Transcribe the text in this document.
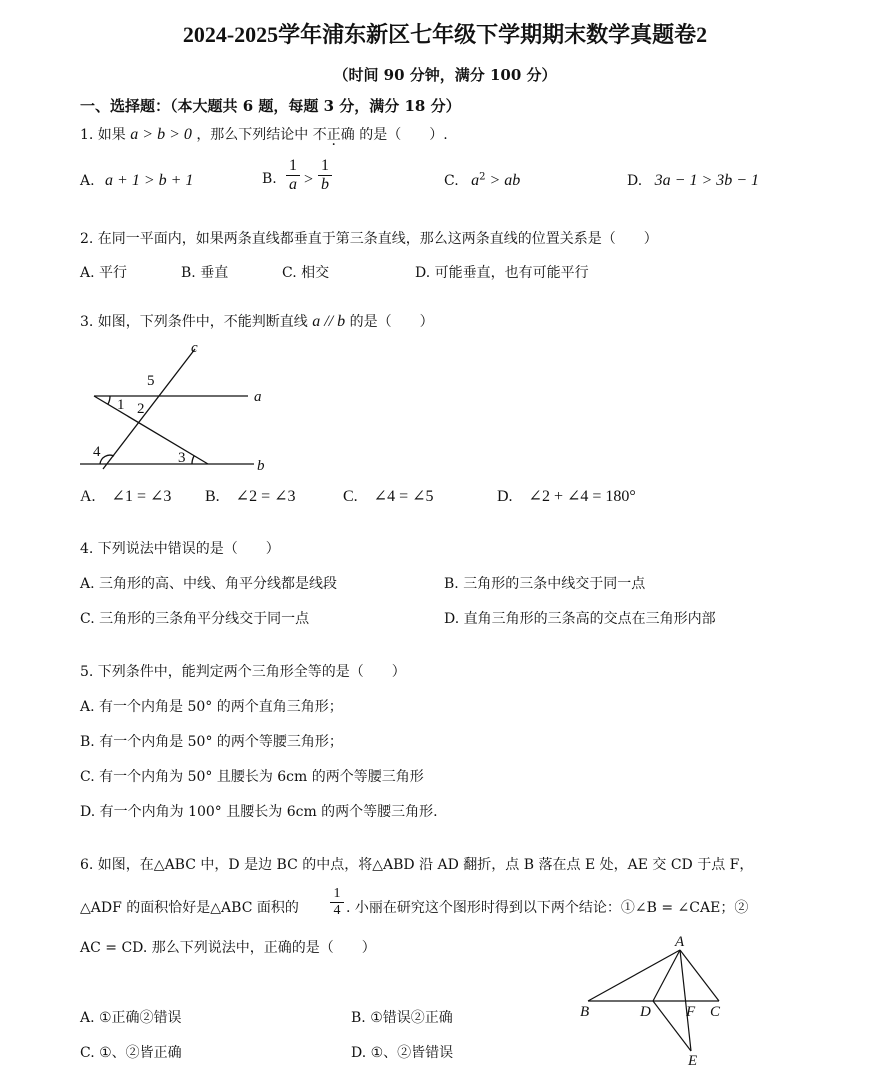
2024-2025学年浦东新区七年级下学期期末数学真题卷2
（时间 90 分钟，满分 100 分）
一、选择题：（本大题共 6 题，每题 3 分，满分 18 分）
1. 如果 a > b > 0 ，那么下列结论中 不正确 的是（　　）.
A. a + 1 > b + 1	B. $\frac{1}{a} > \frac{1}{b}$	C. $a^2$ > ab	D. 3a − 1 > 3b − 1
2. 在同一平面内，如果两条直线都垂直于第三条直线，那么这两条直线的位置关系是（　　）
A. 平行	B. 垂直	C. 相交	D. 可能垂直，也有可能平行
3. 如图，下列条件中，不能判断直线 a // b 的是（　　）
c
a
b
5
1 2
4	3
A.　∠1 = ∠3 B.　∠2 = ∠3	C.　∠4 = ∠5	D.　∠2 + ∠4 = 180°
4. 下列说法中错误的是（　　）
A. 三角形的高、中线、角平分线都是线段	B. 三角形的三条中线交于同一点
C. 三角形的三条角平分线交于同一点	D. 直角三角形的三条高的交点在三角形内部
5. 下列条件中，能判定两个三角形全等的是（　　）
A. 有一个内角是 50° 的两个直角三角形；
B. 有一个内角是 50° 的两个等腰三角形；
C. 有一个内角为 50° 且腰长为 6cm 的两个等腰三角形
D. 有一个内角为 100° 且腰长为 6cm 的两个等腰三角形.
6. 如图，在△ABC 中，D 是边 BC 的中点，将△ABD 沿 AD 翻折，点 B 落在点 E 处，AE 交 CD 于点 F，
△ADF 的面积恰好是△ABC 面积的 $\frac{1}{4}$ . 小丽在研究这个图形时得到以下两个结论：①∠B = ∠CAE；②
AC = CD. 那么下列说法中，正确的是（　　）	A
B	D F C
E
A. ①正确②错误	B. ①错误②正确
C. ①、②皆正确	D. ①、②皆错误
